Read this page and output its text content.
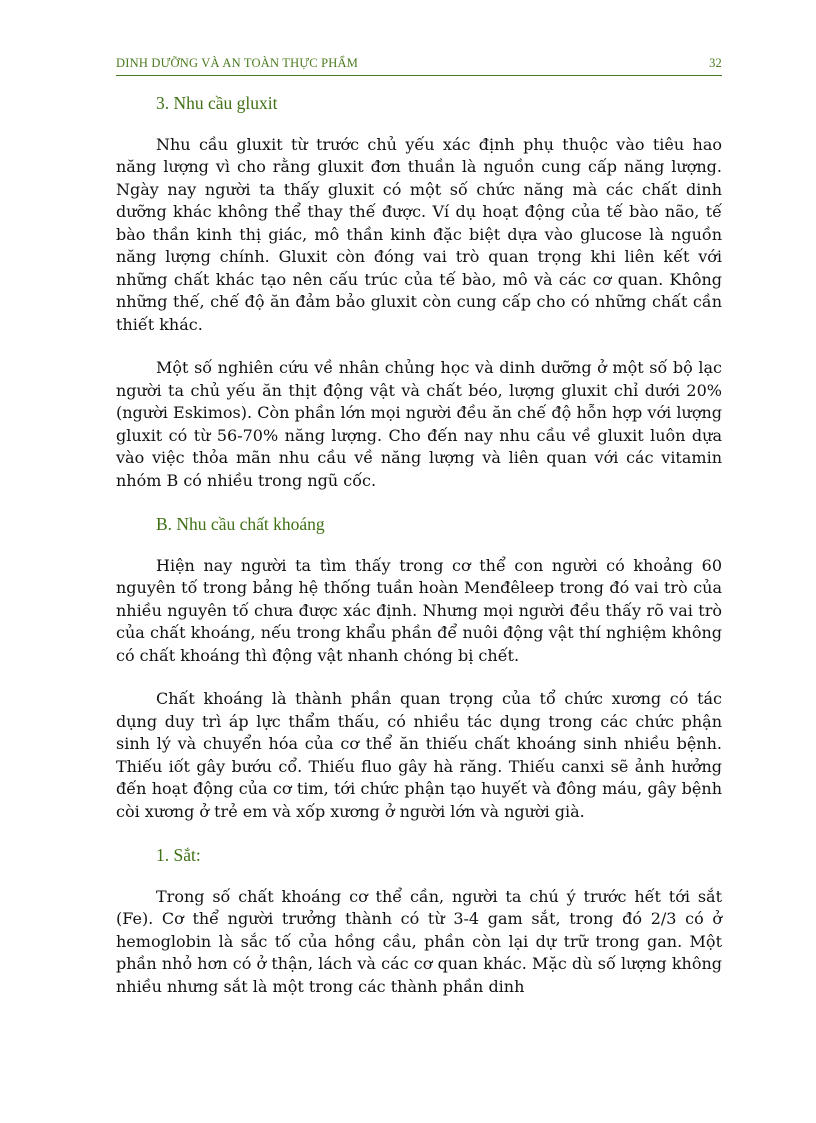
DINH DƯỠNG VÀ AN TOÀN THỰC PHẨM	32
3. Nhu cầu gluxit

Nhu cầu gluxit từ trước chủ yếu xác định phụ thuộc vào tiêu hao năng lượng vì cho rằng gluxit đơn thuần là nguồn cung cấp năng lượng. Ngày nay người ta thấy gluxit có một số chức năng mà các chất dinh dưỡng khác không thể thay thế được. Ví dụ hoạt động của tế bào não, tế bào thần kinh thị giác, mô thần kinh đặc biệt dựa vào glucose là nguồn năng lượng chính. Gluxit còn đóng vai trò quan trọng khi liên kết với những chất khác tạo nên cấu trúc của tế bào, mô và các cơ quan. Không những thế, chế độ ăn đảm bảo gluxit còn cung cấp cho có những chất cần thiết khác.

Một số nghiên cứu về nhân chủng học và dinh dưỡng ở một số bộ lạc người ta chủ yếu ăn thịt động vật và chất béo, lượng gluxit chỉ dưới 20% (người Eskimos). Còn phần lớn mọi người đều ăn chế độ hỗn hợp với lượng gluxit có từ 56-70% năng lượng. Cho đến nay nhu cầu về gluxit luôn dựa vào việc thỏa mãn nhu cầu về năng lượng và liên quan với các vitamin nhóm B có nhiều trong ngũ cốc.

B. Nhu cầu chất khoáng

Hiện nay người ta tìm thấy trong cơ thể con người có khoảng 60 nguyên tố trong bảng hệ thống tuần hoàn Menđêleep trong đó vai trò của nhiều nguyên tố chưa được xác định. Nhưng mọi người đều thấy rõ vai trò của chất khoáng, nếu trong khẩu phần để nuôi động vật thí nghiệm không có chất khoáng thì động vật nhanh chóng bị chết.

Chất khoáng là thành phần quan trọng của tổ chức xương có tác dụng duy trì áp lực thẩm thấu, có nhiều tác dụng trong các chức phận sinh lý và chuyển hóa của cơ thể ăn thiếu chất khoáng sinh nhiều bệnh. Thiếu iốt gây bướu cổ. Thiếu fluo gây hà răng. Thiếu canxi sẽ ảnh hưởng đến hoạt động của cơ tim, tới chức phận tạo huyết và đông máu, gây bệnh còi xương ở trẻ em và xốp xương ở người lớn và người già.

1. Sắt:

Trong số chất khoáng cơ thể cần, người ta chú ý trước hết tới sắt (Fe). Cơ thể người trưởng thành có từ 3-4 gam sắt, trong đó 2/3 có ở hemoglobin là sắc tố của hồng cầu, phần còn lại dự trữ trong gan. Một phần nhỏ hơn có ở thận, lách và các cơ quan khác. Mặc dù số lượng không nhiều nhưng sắt là một trong các thành phần dinh
